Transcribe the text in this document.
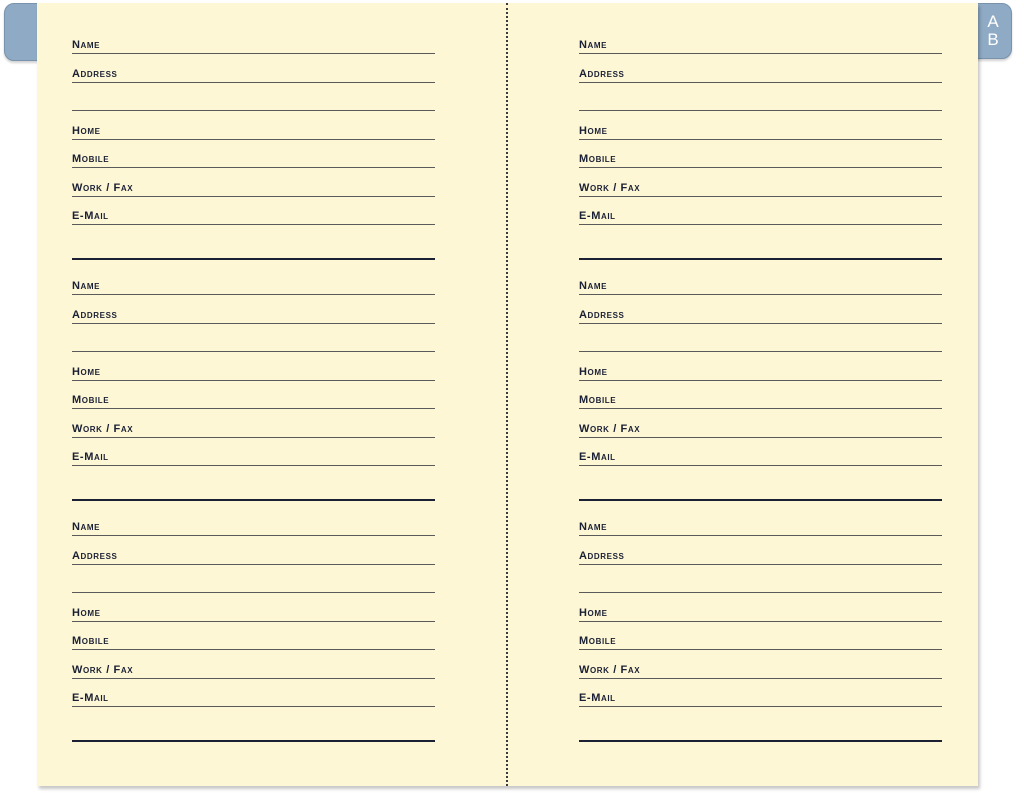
A
B
Name
Address
Home
Mobile
Work / Fax
E-Mail
Name
Address
Home
Mobile
Work / Fax
E-Mail
Name
Address
Home
Mobile
Work / Fax
E-Mail
Name
Address
Home
Mobile
Work / Fax
E-Mail
Name
Address
Home
Mobile
Work / Fax
E-Mail
Name
Address
Home
Mobile
Work / Fax
E-Mail
